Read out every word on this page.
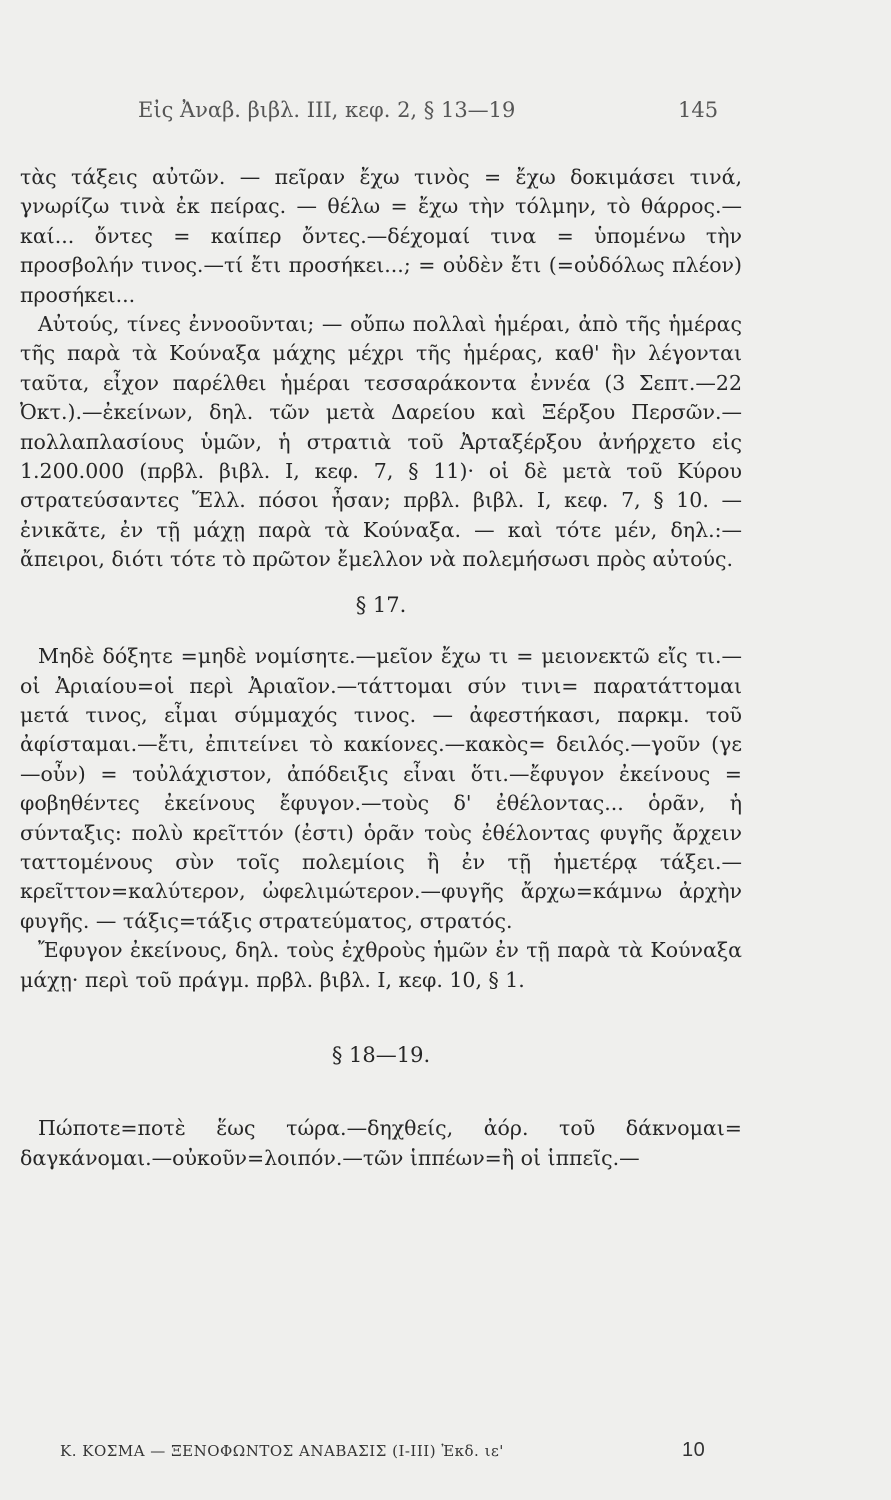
Εἰς Ἀναβ. βιβλ. ΙΙΙ, κεφ. 2, § 13—19	145

τὰς τάξεις αὐτῶν. — πεῖραν ἔχω τινὸς = ἔχω δοκιμάσει τινά, γνωρίζω τινὰ ἐκ πείρας. — θέλω = ἔχω τὴν τόλμην, τὸ θάρρος.—καί... ὄντες = καίπερ ὄντες.—δέχομαί τινα = ὑπομένω τὴν προσβολήν τινος.—τί ἔτι προσήκει...; = οὐδὲν ἔτι (=οὐδόλως πλέον) προσήκει...

Αὐτούς, τίνες ἐννοοῦνται; — οὔπω πολλαὶ ἡμέραι, ἀπὸ τῆς ἡμέρας τῆς παρὰ τὰ Κούναξα μάχης μέχρι τῆς ἡμέρας, καθ' ἣν λέγονται ταῦτα, εἶχον παρέλθει ἡμέραι τεσσαράκοντα ἐννέα (3 Σεπτ.—22 Ὀκτ.).—ἐκείνων, δηλ. τῶν μετὰ Δαρείου καὶ Ξέρξου Περσῶν.—πολλαπλασίους ὑμῶν, ἡ στρατιὰ τοῦ Ἀρταξέρξου ἀνήρχετο εἰς 1.200.000 (πρβλ. βιβλ. Ι, κεφ. 7, § 11)· οἱ δὲ μετὰ τοῦ Κύρου στρατεύσαντες Ἕλλ. πόσοι ἦσαν; πρβλ. βιβλ. Ι, κεφ. 7, § 10. — ἐνικᾶτε, ἐν τῇ μάχῃ παρὰ τὰ Κούναξα. — καὶ τότε μέν, δηλ.:—ἄπειροι, διότι τότε τὸ πρῶτον ἔμελλον νὰ πολεμήσωσι πρὸς αὐτούς.

§ 17.

Μηδὲ δόξητε =μηδὲ νομίσητε.—μεῖον ἔχω τι = μειονεκτῶ εἴς τι.—οἱ Ἀριαίου=οἱ περὶ Ἀριαῖον.—τάττομαι σύν τινι= παρατάττομαι μετά τινος, εἶμαι σύμμαχός τινος. — ἀφεστήκασι, παρκμ. τοῦ ἀφίσταμαι.—ἔτι, ἐπιτείνει τὸ κακίονες.—κακὸς= δειλός.—γοῦν (γε—οὖν) = τοὐλάχιστον, ἀπόδειξις εἶναι ὅτι.—ἔφυγον ἐκείνους = φοβηθέντες ἐκείνους ἔφυγον.—τοὺς δ' ἐθέλοντας... ὁρᾶν, ἡ σύνταξις: πολὺ κρεῖττόν (ἐστι) ὁρᾶν τοὺς ἐθέλοντας φυγῆς ἄρχειν ταττομένους σὺν τοῖς πολεμίοις ἢ ἐν τῇ ἡμετέρᾳ τάξει.—κρεῖττον=καλύτερον, ὠφελιμώτερον.—φυγῆς ἄρχω=κάμνω ἀρχὴν φυγῆς. — τάξις=τάξις στρατεύματος, στρατός.

Ἔφυγον ἐκείνους, δηλ. τοὺς ἐχθροὺς ἡμῶν ἐν τῇ παρὰ τὰ Κούναξα μάχῃ· περὶ τοῦ πράγμ. πρβλ. βιβλ. Ι, κεφ. 10, § 1.

§ 18—19.

Πώποτε=ποτὲ ἕως τώρα.—δηχθείς, ἀόρ. τοῦ δάκνομαι= δαγκάνομαι.—οὐκοῦν=λοιπόν.—τῶν ἱππέων=ἢ οἱ ἱππεῖς.—

Κ. ΚΟΣΜΑ — ΞΕΝΟΦΩΝΤΟΣ ΑΝΑΒΑΣΙΣ (Ι-ΙΙΙ) Ἐκδ. ιε'	10
